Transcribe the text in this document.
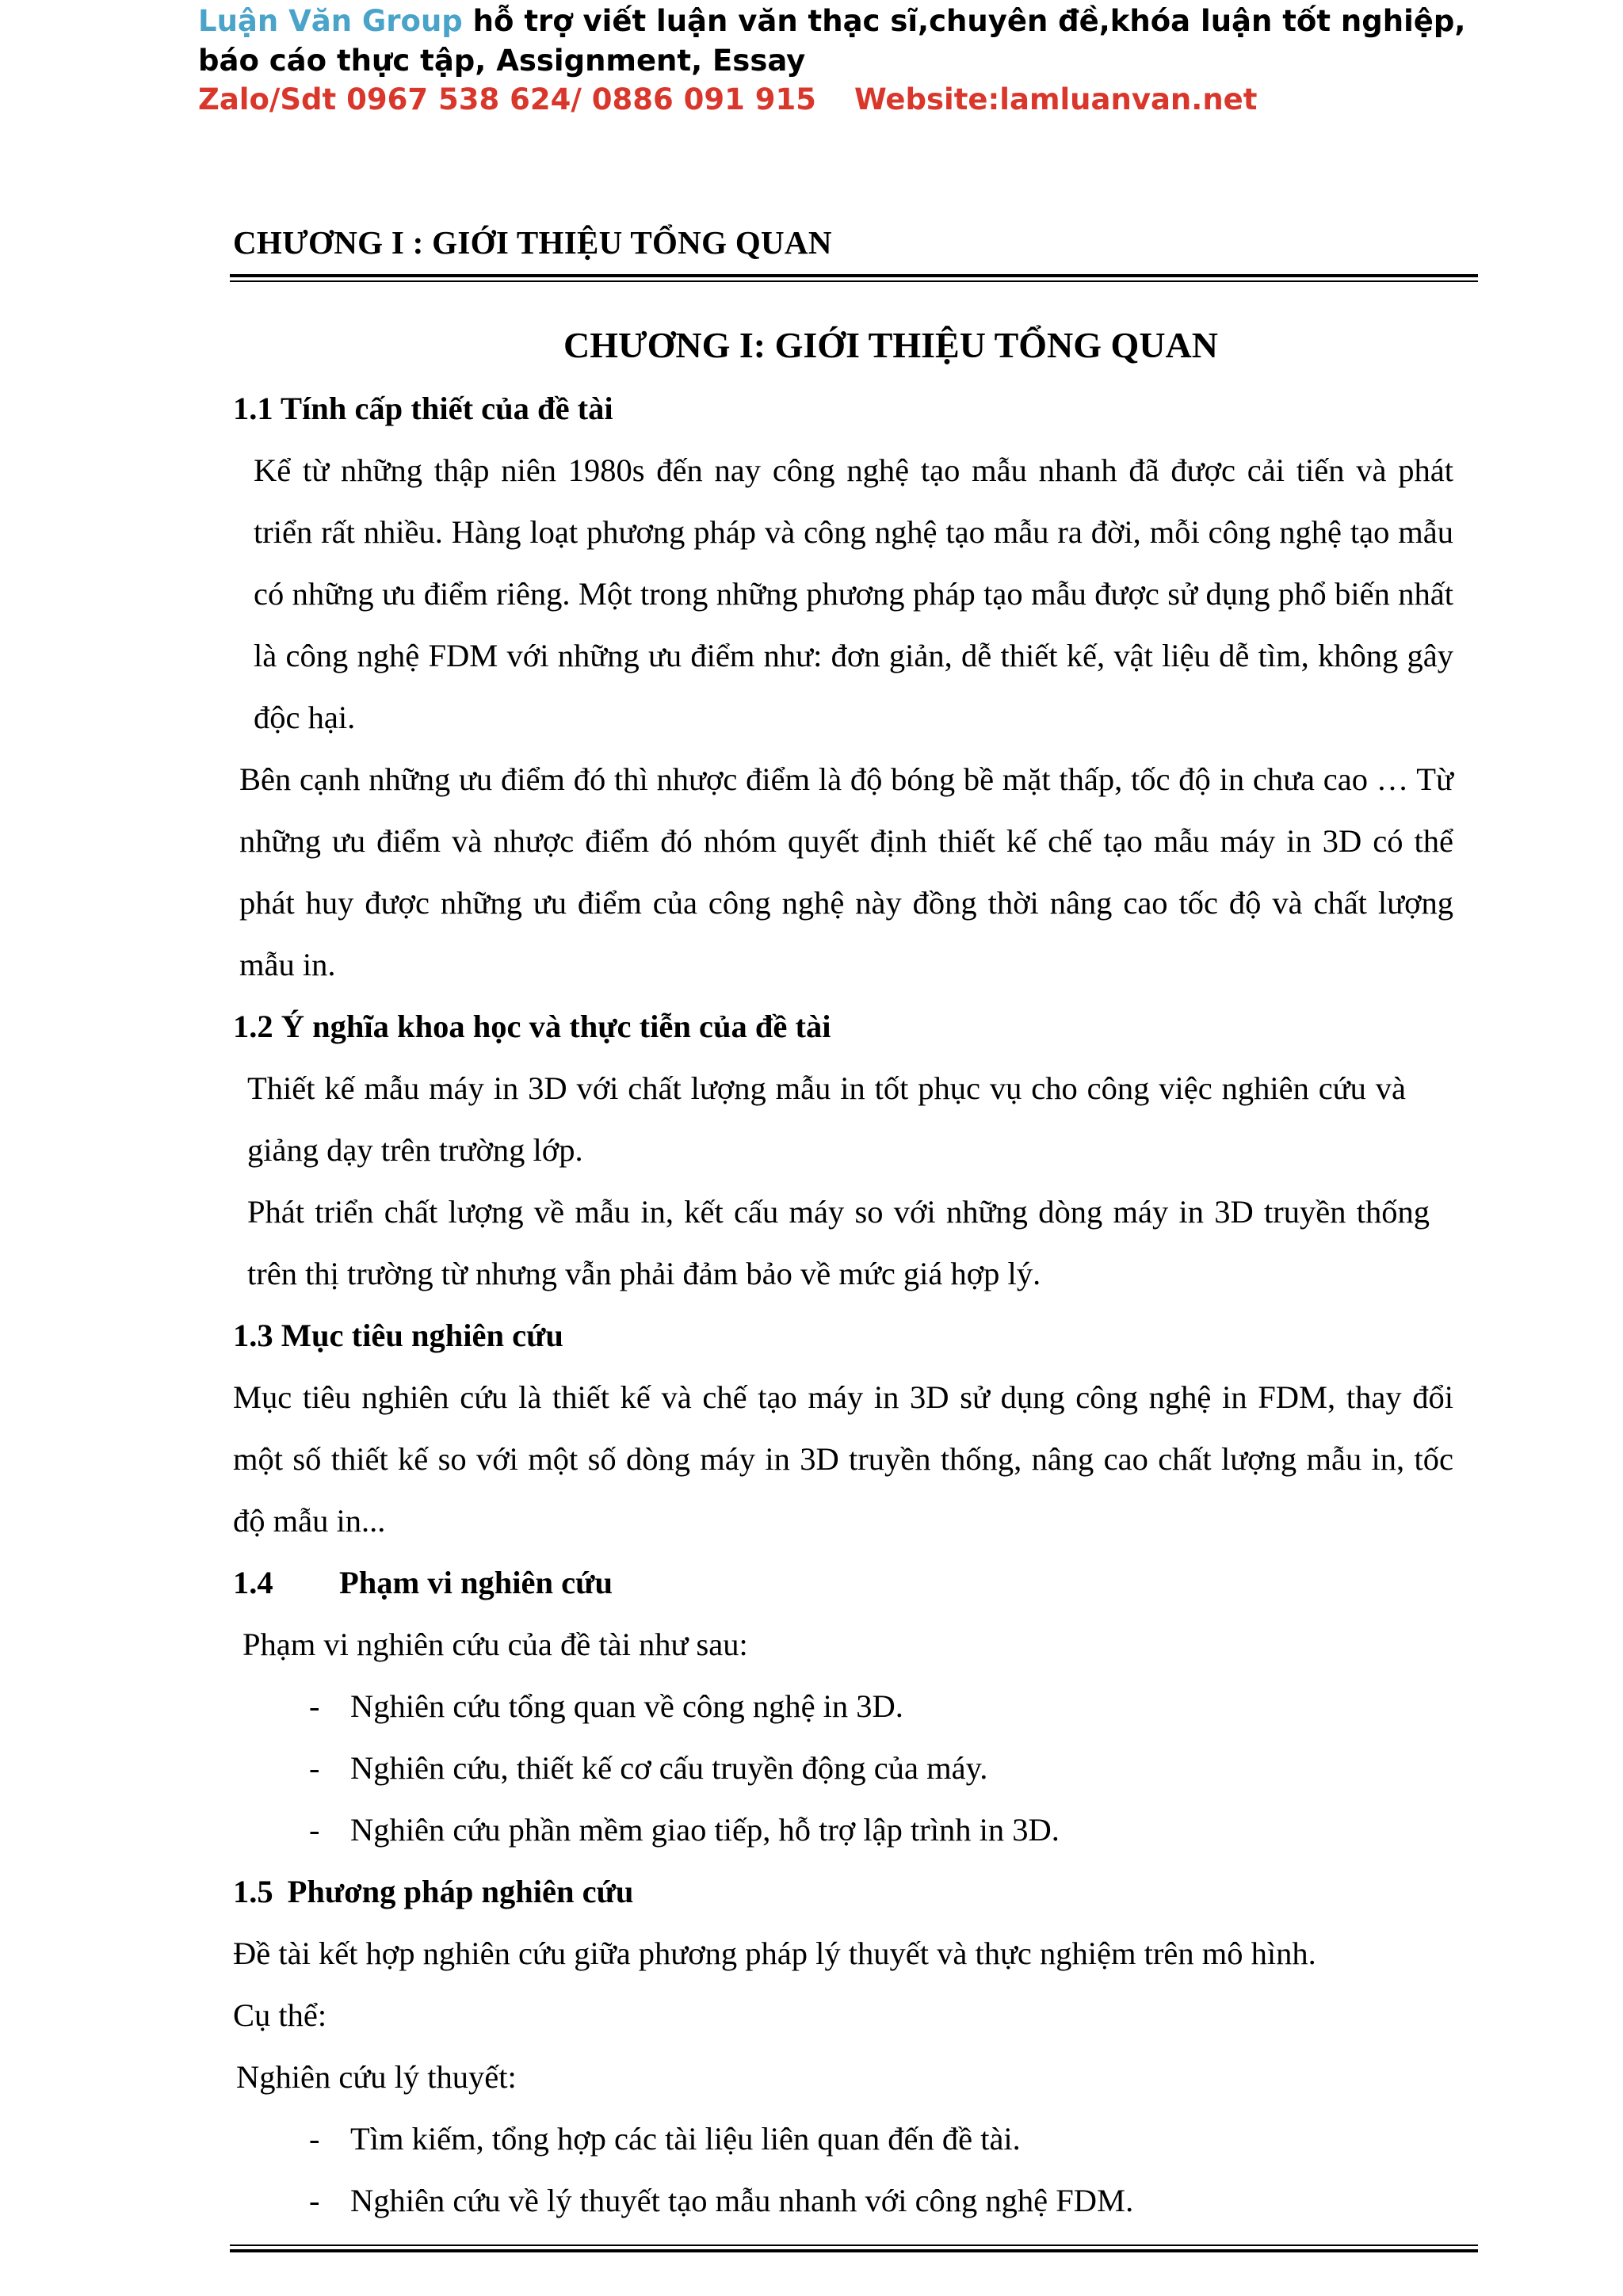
Luận Văn Group hỗ trợ viết luận văn thạc sĩ,chuyên đề,khóa luận tốt nghiệp, báo cáo thực tập, Assignment, Essay
Zalo/Sdt 0967 538 624/ 0886 091 915 Website:lamluanvan.net
CHƯƠNG I : GIỚI THIỆU TỔNG QUAN
CHƯƠNG I: GIỚI THIỆU TỔNG QUAN
1.1 Tính cấp thiết của đề tài

Kể từ những thập niên 1980s đến nay công nghệ tạo mẫu nhanh đã được cải tiến và phát triển rất nhiều. Hàng loạt phương pháp và công nghệ tạo mẫu ra đời, mỗi công nghệ tạo mẫu có những ưu điểm riêng. Một trong những phương pháp tạo mẫu được sử dụng phổ biến nhất là công nghệ FDM với những ưu điểm như: đơn giản, dễ thiết kế, vật liệu dễ tìm, không gây độc hại.

Bên cạnh những ưu điểm đó thì nhược điểm là độ bóng bề mặt thấp, tốc độ in chưa cao … Từ những ưu điểm và nhược điểm đó nhóm quyết định thiết kế chế tạo mẫu máy in 3D có thể phát huy được những ưu điểm của công nghệ này đồng thời nâng cao tốc độ và chất lượng mẫu in.

1.2 Ý nghĩa khoa học và thực tiễn của đề tài

Thiết kế mẫu máy in 3D với chất lượng mẫu in tốt phục vụ cho công việc nghiên cứu và giảng dạy trên trường lớp.

Phát triển chất lượng về mẫu in, kết cấu máy so với những dòng máy in 3D truyền thống trên thị trường từ nhưng vẫn phải đảm bảo về mức giá hợp lý.

1.3 Mục tiêu nghiên cứu

Mục tiêu nghiên cứu là thiết kế và chế tạo máy in 3D sử dụng công nghệ in FDM, thay đổi một số thiết kế so với một số dòng máy in 3D truyền thống, nâng cao chất lượng mẫu in, tốc độ mẫu in...

1.4 Phạm vi nghiên cứu

Phạm vi nghiên cứu của đề tài như sau:

- Nghiên cứu tổng quan về công nghệ in 3D.
- Nghiên cứu, thiết kế cơ cấu truyền động của máy.
- Nghiên cứu phần mềm giao tiếp, hỗ trợ lập trình in 3D.
1.5 Phương pháp nghiên cứu

Đề tài kết hợp nghiên cứu giữa phương pháp lý thuyết và thực nghiệm trên mô hình.

Cụ thể:

Nghiên cứu lý thuyết:

- Tìm kiếm, tổng hợp các tài liệu liên quan đến đề tài.
- Nghiên cứu về lý thuyết tạo mẫu nhanh với công nghệ FDM.
